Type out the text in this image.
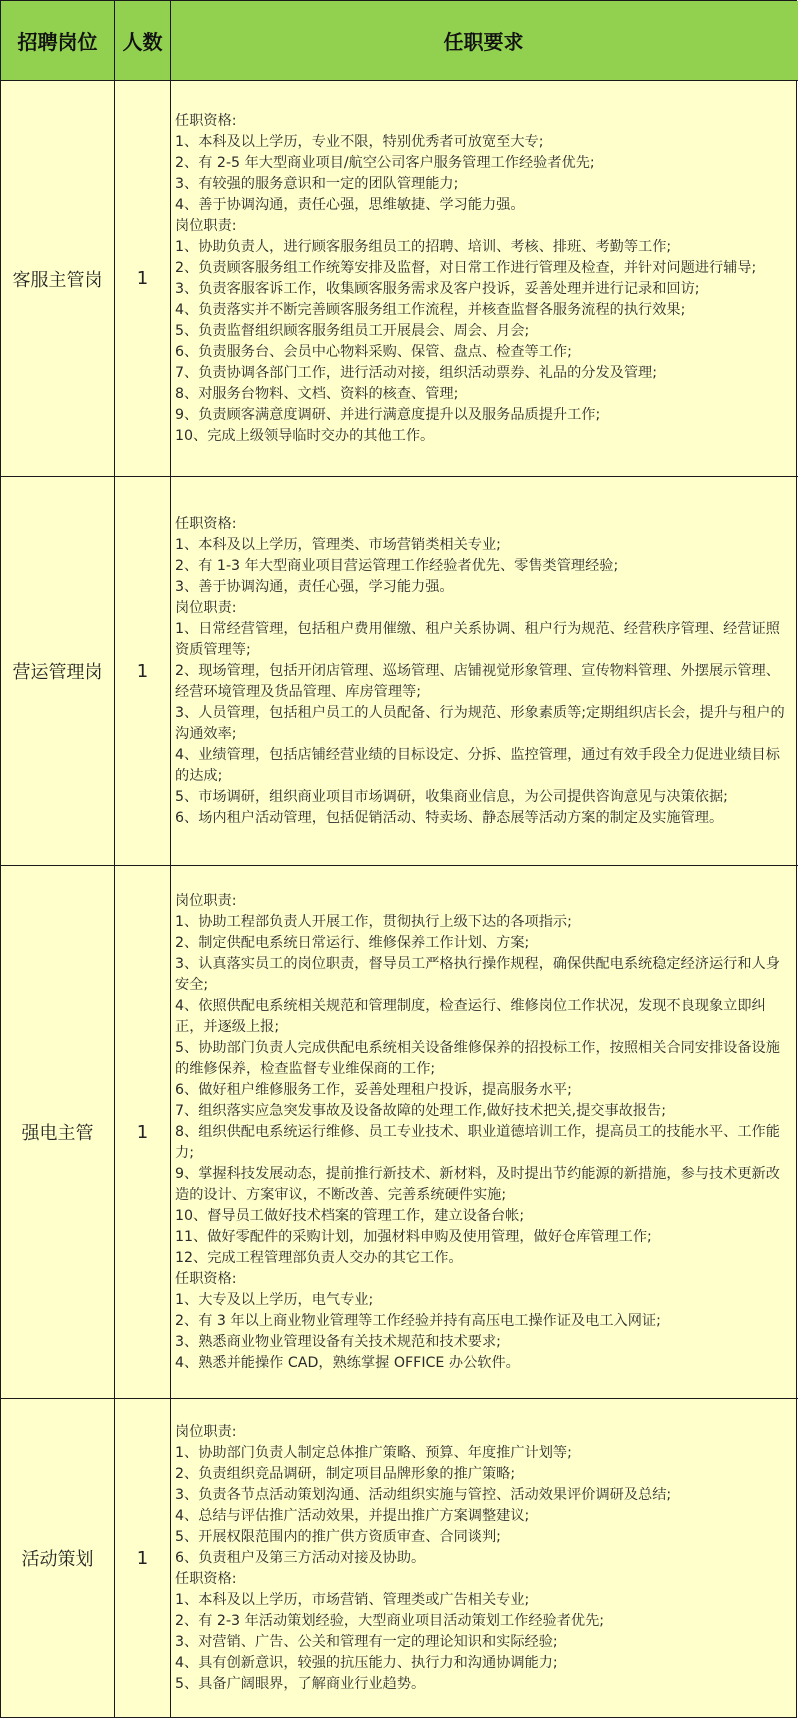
招聘岗位	人数	任职要求
客服主管岗	1
任职资格:
1、本科及以上学历，专业不限，特别优秀者可放宽至大专;
2、有 2-5 年大型商业项目/航空公司客户服务管理工作经验者优先;
3、有较强的服务意识和一定的团队管理能力;
4、善于协调沟通，责任心强，思维敏捷、学习能力强。
岗位职责:
1、协助负责人，进行顾客服务组员工的招聘、培训、考核、排班、考勤等工作;
2、负责顾客服务组工作统筹安排及监督，对日常工作进行管理及检查，并针对问题进行辅导;
3、负责客服客诉工作，收集顾客服务需求及客户投诉，妥善处理并进行记录和回访;
4、负责落实并不断完善顾客服务组工作流程，并核查监督各服务流程的执行效果;
5、负责监督组织顾客服务组员工开展晨会、周会、月会;
6、负责服务台、会员中心物料采购、保管、盘点、检查等工作;
7、负责协调各部门工作，进行活动对接，组织活动票券、礼品的分发及管理;
8、对服务台物料、文档、资料的核查、管理;
9、负责顾客满意度调研、并进行满意度提升以及服务品质提升工作;
10、完成上级领导临时交办的其他工作。
营运管理岗	1
任职资格:
1、本科及以上学历，管理类、市场营销类相关专业;
2、有 1-3 年大型商业项目营运管理工作经验者优先、零售类管理经验;
3、善于协调沟通，责任心强，学习能力强。
岗位职责:
1、日常经营管理，包括租户费用催缴、租户关系协调、租户行为规范、经营秩序管理、经营证照资质管理等;
2、现场管理，包括开闭店管理、巡场管理、店铺视觉形象管理、宣传物料管理、外摆展示管理、经营环境管理及货品管理、库房管理等;
3、人员管理，包括租户员工的人员配备、行为规范、形象素质等;定期组织店长会，提升与租户的沟通效率;
4、业绩管理，包括店铺经营业绩的目标设定、分拆、监控管理，通过有效手段全力促进业绩目标的达成;
5、市场调研，组织商业项目市场调研，收集商业信息，为公司提供咨询意见与决策依据;
6、场内租户活动管理，包括促销活动、特卖场、静态展等活动方案的制定及实施管理。
强电主管	1
岗位职责:
1、协助工程部负责人开展工作，贯彻执行上级下达的各项指示;
2、制定供配电系统日常运行、维修保养工作计划、方案;
3、认真落实员工的岗位职责，督导员工严格执行操作规程，确保供配电系统稳定经济运行和人身安全;
4、依照供配电系统相关规范和管理制度，检查运行、维修岗位工作状况，发现不良现象立即纠正，并逐级上报;
5、协助部门负责人完成供配电系统相关设备维修保养的招投标工作，按照相关合同安排设备设施的维修保养，检查监督专业维保商的工作;
6、做好租户维修服务工作，妥善处理租户投诉，提高服务水平;
7、组织落实应急突发事故及设备故障的处理工作,做好技术把关,提交事故报告;
8、组织供配电系统运行维修、员工专业技术、职业道德培训工作，提高员工的技能水平、工作能力;
9、掌握科技发展动态，提前推行新技术、新材料，及时提出节约能源的新措施，参与技术更新改造的设计、方案审议，不断改善、完善系统硬件实施;
10、督导员工做好技术档案的管理工作，建立设备台帐;
11、做好零配件的采购计划，加强材料申购及使用管理，做好仓库管理工作;
12、完成工程管理部负责人交办的其它工作。
任职资格:
1、大专及以上学历，电气专业;
2、有 3 年以上商业物业管理等工作经验并持有高压电工操作证及电工入网证;
3、熟悉商业物业管理设备有关技术规范和技术要求;
4、熟悉并能操作 CAD，熟练掌握 OFFICE 办公软件。
活动策划	1
岗位职责:
1、协助部门负责人制定总体推广策略、预算、年度推广计划等;
2、负责组织竞品调研，制定项目品牌形象的推广策略;
3、负责各节点活动策划沟通、活动组织实施与管控、活动效果评价调研及总结;
4、总结与评估推广活动效果，并提出推广方案调整建议;
5、开展权限范围内的推广供方资质审查、合同谈判;
6、负责租户及第三方活动对接及协助。
任职资格:
1、本科及以上学历，市场营销、管理类或广告相关专业;
2、有 2-3 年活动策划经验，大型商业项目活动策划工作经验者优先;
3、对营销、广告、公关和管理有一定的理论知识和实际经验;
4、具有创新意识，较强的抗压能力、执行力和沟通协调能力;
5、具备广阔眼界，了解商业行业趋势。
